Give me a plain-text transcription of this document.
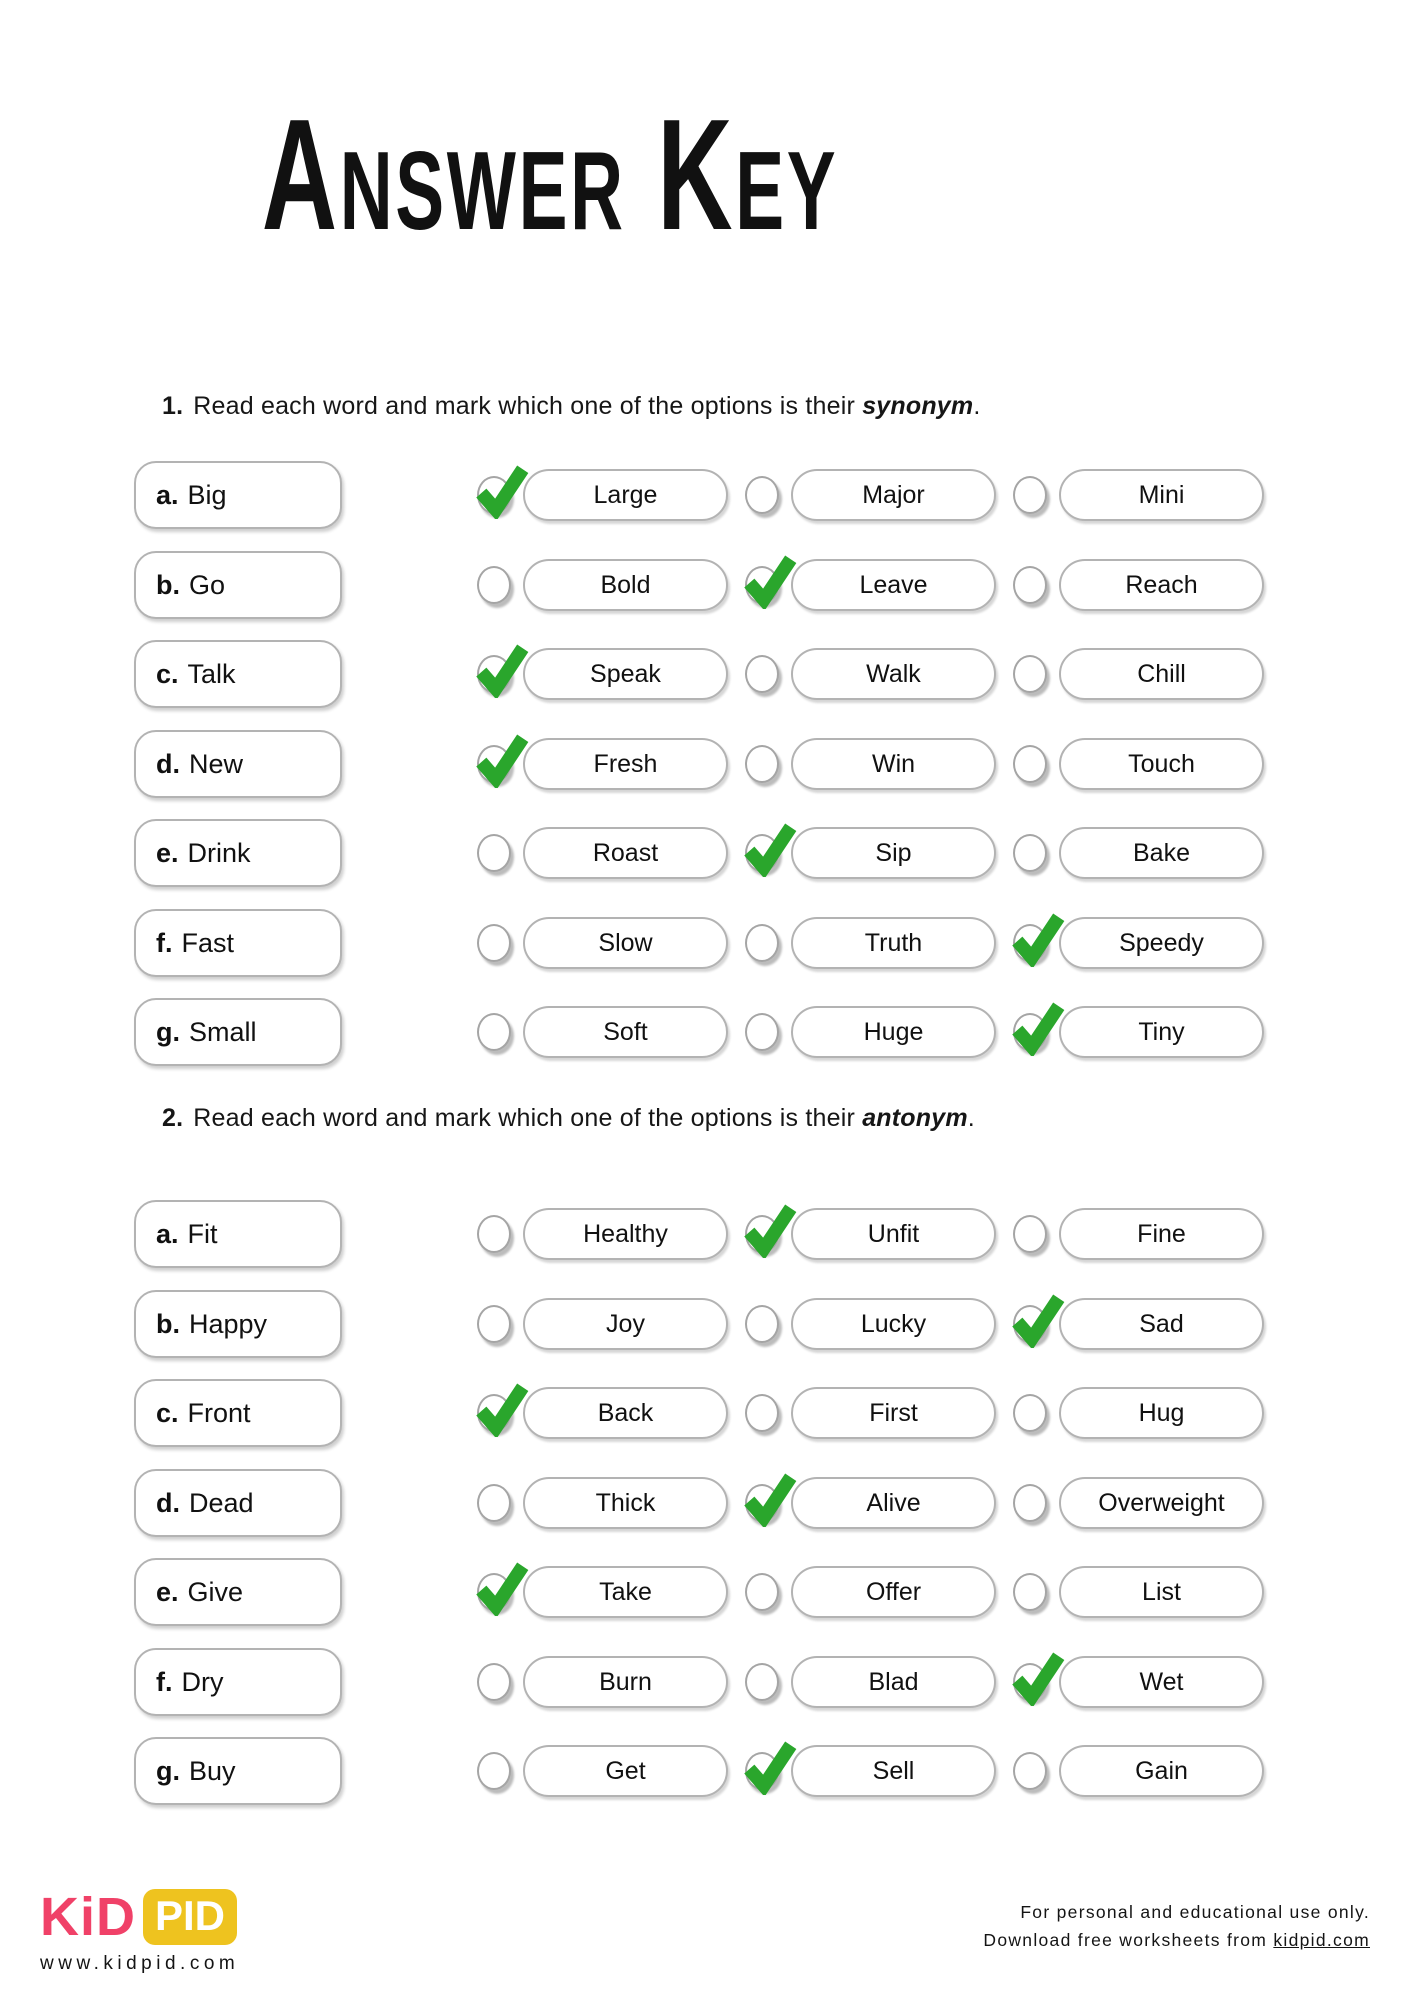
Answer Key
1. Read each word and mark which one of the options is their synonym.
a. Big	Large	Major	Mini
b. Go	Bold	Leave	Reach
c. Talk	Speak	Walk	Chill
d. New	Fresh	Win	Touch
e. Drink	Roast	Sip	Bake
f. Fast	Slow	Truth	Speedy
g. Small	Soft	Huge	Tiny
2. Read each word and mark which one of the options is their antonym.
a. Fit	Healthy	Unfit	Fine
b. Happy	Joy	Lucky	Sad
c. Front	Back	First	Hug
d. Dead	Thick	Alive	Overweight
e. Give	Take	Offer	List
f. Dry	Burn	Blad	Wet
g. Buy	Get	Sell	Gain
KiD PID
www.kidpid.com
For personal and educational use only.
Download free worksheets from kidpid.com
